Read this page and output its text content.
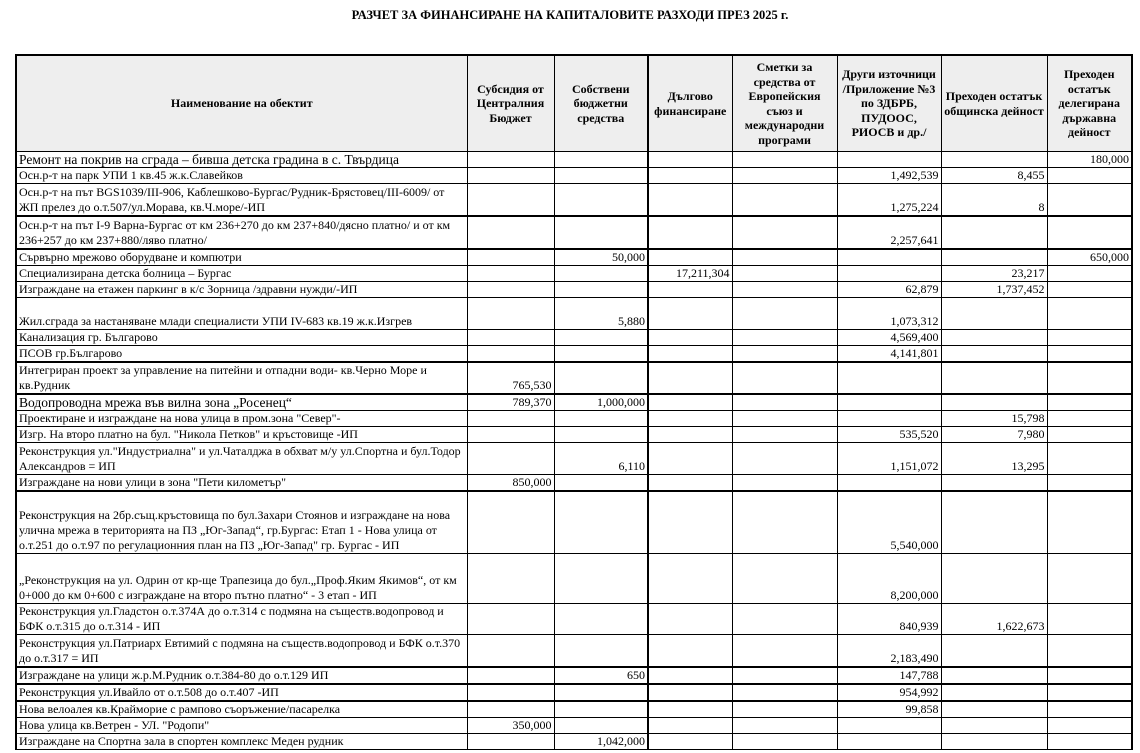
РАЗЧЕТ ЗА ФИНАНСИРАНЕ НА КАПИТАЛОВИТЕ РАЗХОДИ ПРЕЗ 2025 г.
Наименование на обектит	Субсидия от Централния Бюджет	Собствени бюджетни средства	Дългово финансиране	Сметки за средства от Европейския съюз и международни програми	Други източници /Приложение №3 по ЗДБРБ, ПУДООС, РИОСВ и др./	Преходен остатък общинска дейност	Преходен остатък делегирана държавна дейност
Ремонт на покрив на сграда – бивша детска градина в с. Твърдица							180,000
Осн.р-т на парк УПИ 1 кв.45 ж.к.Славейков					1,492,539	8,455	
Осн.р-т на път BGS1039/III-906, Каблешково-Бургас/Рудник-Брястовец/III-6009/ от ЖП прелез до о.т.507/ул.Морава, кв.Ч.море/-ИП					1,275,224	8	
Осн.р-т на път I-9 Варна-Бургас от км 236+270 до км 237+840/дясно платно/ и от км 236+257 до км 237+880/ляво платно/					2,257,641		
Сървърно мрежово оборудване и компютри		50,000					650,000
Специализирана детска болница – Бургас			17,211,304			23,217	
Изграждане на етажен паркинг в к/с Зорница /здравни нужди/-ИП					62,879	1,737,452	
Жил.сграда за настаняване млади специалисти УПИ IV-683 кв.19 ж.к.Изгрев		5,880			1,073,312		
Канализация гр. Българово					4,569,400		
ПСОВ гр.Българово					4,141,801		
Интегриран проект за управление на питейни и отпадни води- кв.Черно Море и кв.Рудник	765,530						
Водопроводна мрежа във вилна зона „Росенец“	789,370	1,000,000					
Проектиране и изграждане на нова улица в пром.зона "Север"-						15,798	
Изгр. На второ платно на бул. "Никола Петков" и кръстовище -ИП					535,520	7,980	
Реконструкция ул."Индустриална" и ул.Чаталджа в обхват м/у ул.Спортна и бул.Тодор Александров = ИП		6,110			1,151,072	13,295	
Изграждане на нови улици в зона "Пети километър"	850,000						
Реконструкция на 2бр.същ.кръстовища по бул.Захари Стоянов и изграждане на нова улична мрежа в територията на ПЗ „Юг-Запад“, гр.Бургас: Етап 1 - Нова улица от о.т.251 до о.т.97 по регулационния план на ПЗ „Юг-Запад" гр. Бургас - ИП					5,540,000		
„Реконструкция на ул. Одрин от кр-ще Трапезица до бул.„Проф.Яким Якимов“, от км 0+000 до км 0+600 с изграждане на второ пътно платно“ - 3 етап - ИП					8,200,000		
Реконструкция ул.Гладстон о.т.374А до о.т.314 с подмяна на съществ.водопровод и БФК о.т.315 до о.т.314 - ИП					840,939	1,622,673	
Реконструкция ул.Патриарх Евтимий с подмяна на съществ.водопровод и БФК о.т.370 до о.т.317 = ИП					2,183,490		
Изграждане на улици ж.р.М.Рудник о.т.384-80 до о.т.129 ИП		650			147,788		
Реконструкция ул.Ивайло от о.т.508 до о.т.407 -ИП					954,992		
Нова велоалея кв.Крайморие с рампово съоръжение/пасарелка					99,858		
Нова улица кв.Ветрен - УЛ. "Родопи"	350,000						
Изграждане на Спортна зала в спортен комплекс Меден рудник		1,042,000					
